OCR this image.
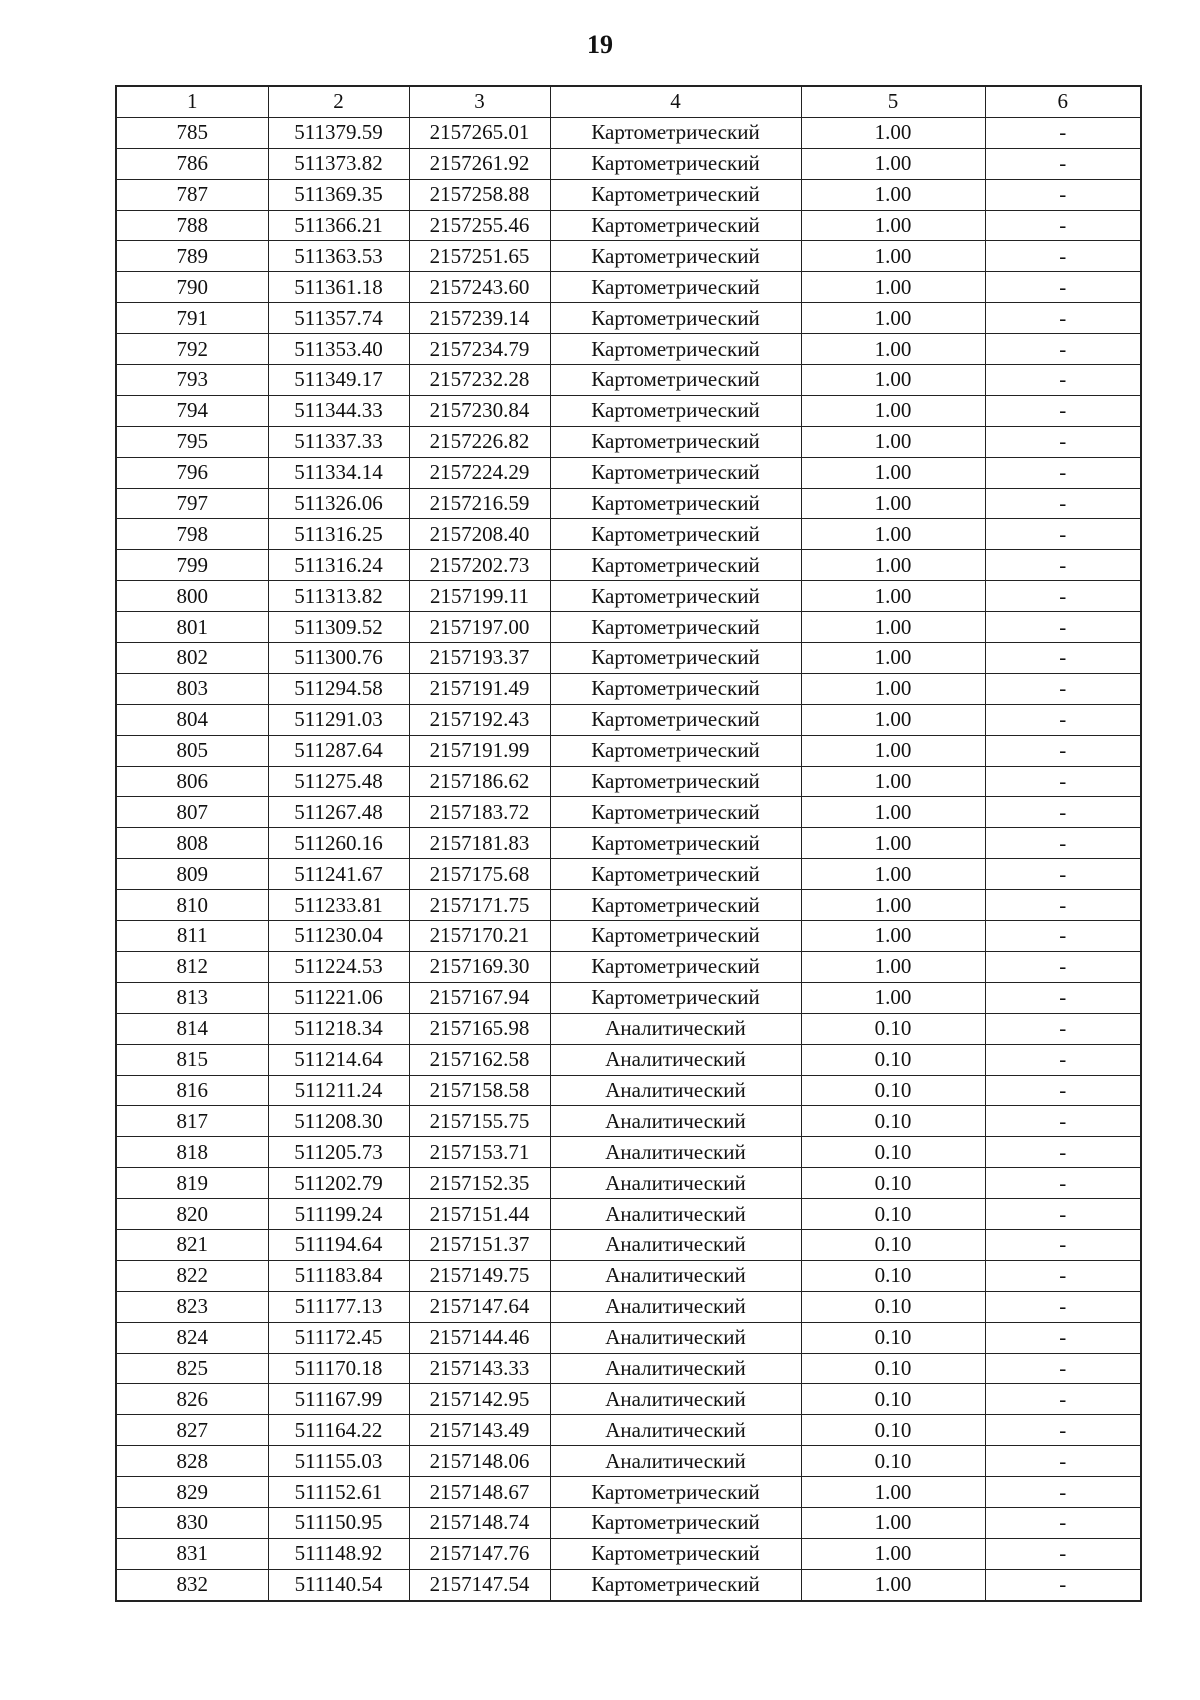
19
1	2	3	4	5	6
785	511379.59	2157265.01	Картометрический	1.00	-
786	511373.82	2157261.92	Картометрический	1.00	-
787	511369.35	2157258.88	Картометрический	1.00	-
788	511366.21	2157255.46	Картометрический	1.00	-
789	511363.53	2157251.65	Картометрический	1.00	-
790	511361.18	2157243.60	Картометрический	1.00	-
791	511357.74	2157239.14	Картометрический	1.00	-
792	511353.40	2157234.79	Картометрический	1.00	-
793	511349.17	2157232.28	Картометрический	1.00	-
794	511344.33	2157230.84	Картометрический	1.00	-
795	511337.33	2157226.82	Картометрический	1.00	-
796	511334.14	2157224.29	Картометрический	1.00	-
797	511326.06	2157216.59	Картометрический	1.00	-
798	511316.25	2157208.40	Картометрический	1.00	-
799	511316.24	2157202.73	Картометрический	1.00	-
800	511313.82	2157199.11	Картометрический	1.00	-
801	511309.52	2157197.00	Картометрический	1.00	-
802	511300.76	2157193.37	Картометрический	1.00	-
803	511294.58	2157191.49	Картометрический	1.00	-
804	511291.03	2157192.43	Картометрический	1.00	-
805	511287.64	2157191.99	Картометрический	1.00	-
806	511275.48	2157186.62	Картометрический	1.00	-
807	511267.48	2157183.72	Картометрический	1.00	-
808	511260.16	2157181.83	Картометрический	1.00	-
809	511241.67	2157175.68	Картометрический	1.00	-
810	511233.81	2157171.75	Картометрический	1.00	-
811	511230.04	2157170.21	Картометрический	1.00	-
812	511224.53	2157169.30	Картометрический	1.00	-
813	511221.06	2157167.94	Картометрический	1.00	-
814	511218.34	2157165.98	Аналитический	0.10	-
815	511214.64	2157162.58	Аналитический	0.10	-
816	511211.24	2157158.58	Аналитический	0.10	-
817	511208.30	2157155.75	Аналитический	0.10	-
818	511205.73	2157153.71	Аналитический	0.10	-
819	511202.79	2157152.35	Аналитический	0.10	-
820	511199.24	2157151.44	Аналитический	0.10	-
821	511194.64	2157151.37	Аналитический	0.10	-
822	511183.84	2157149.75	Аналитический	0.10	-
823	511177.13	2157147.64	Аналитический	0.10	-
824	511172.45	2157144.46	Аналитический	0.10	-
825	511170.18	2157143.33	Аналитический	0.10	-
826	511167.99	2157142.95	Аналитический	0.10	-
827	511164.22	2157143.49	Аналитический	0.10	-
828	511155.03	2157148.06	Аналитический	0.10	-
829	511152.61	2157148.67	Картометрический	1.00	-
830	511150.95	2157148.74	Картометрический	1.00	-
831	511148.92	2157147.76	Картометрический	1.00	-
832	511140.54	2157147.54	Картометрический	1.00	-
